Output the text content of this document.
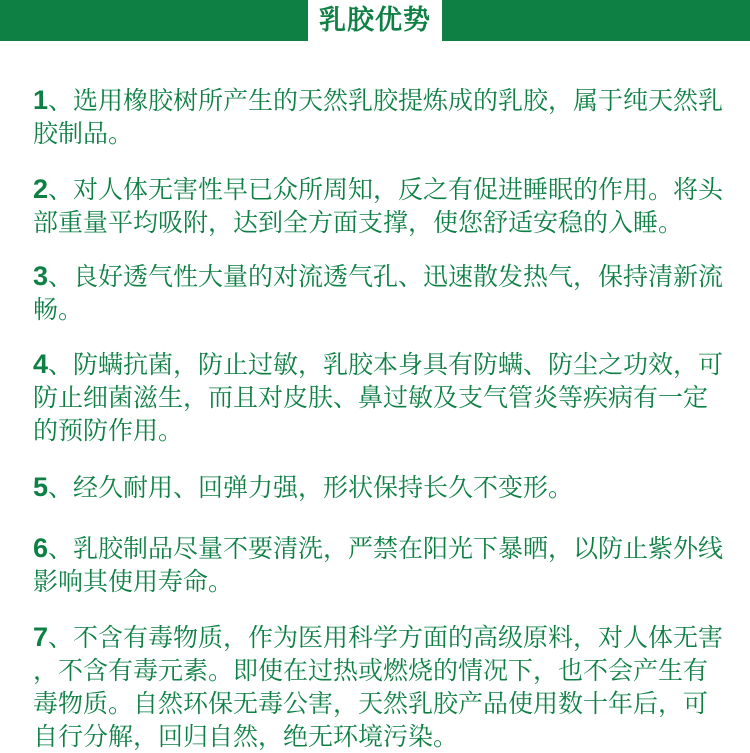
乳胶优势

1、选用橡胶树所产生的天然乳胶提炼成的乳胶，属于纯天然乳
胶制品。

2、对人体无害性早已众所周知，反之有促进睡眠的作用。将头
部重量平均吸附，达到全方面支撑，使您舒适安稳的入睡。

3、良好透气性大量的对流透气孔、迅速散发热气，保持清新流
畅。

4、防螨抗菌，防止过敏，乳胶本身具有防螨、防尘之功效，可
防止细菌滋生，而且对皮肤、鼻过敏及支气管炎等疾病有一定
的预防作用。

5、经久耐用、回弹力强，形状保持长久不变形。

6、乳胶制品尽量不要清洗，严禁在阳光下暴晒，以防止紫外线
影响其使用寿命。

7、不含有毒物质，作为医用科学方面的高级原料，对人体无害
，不含有毒元素。即使在过热或燃烧的情况下，也不会产生有
毒物质。自然环保无毒公害，天然乳胶产品使用数十年后，可
自行分解，回归自然，绝无环境污染。
